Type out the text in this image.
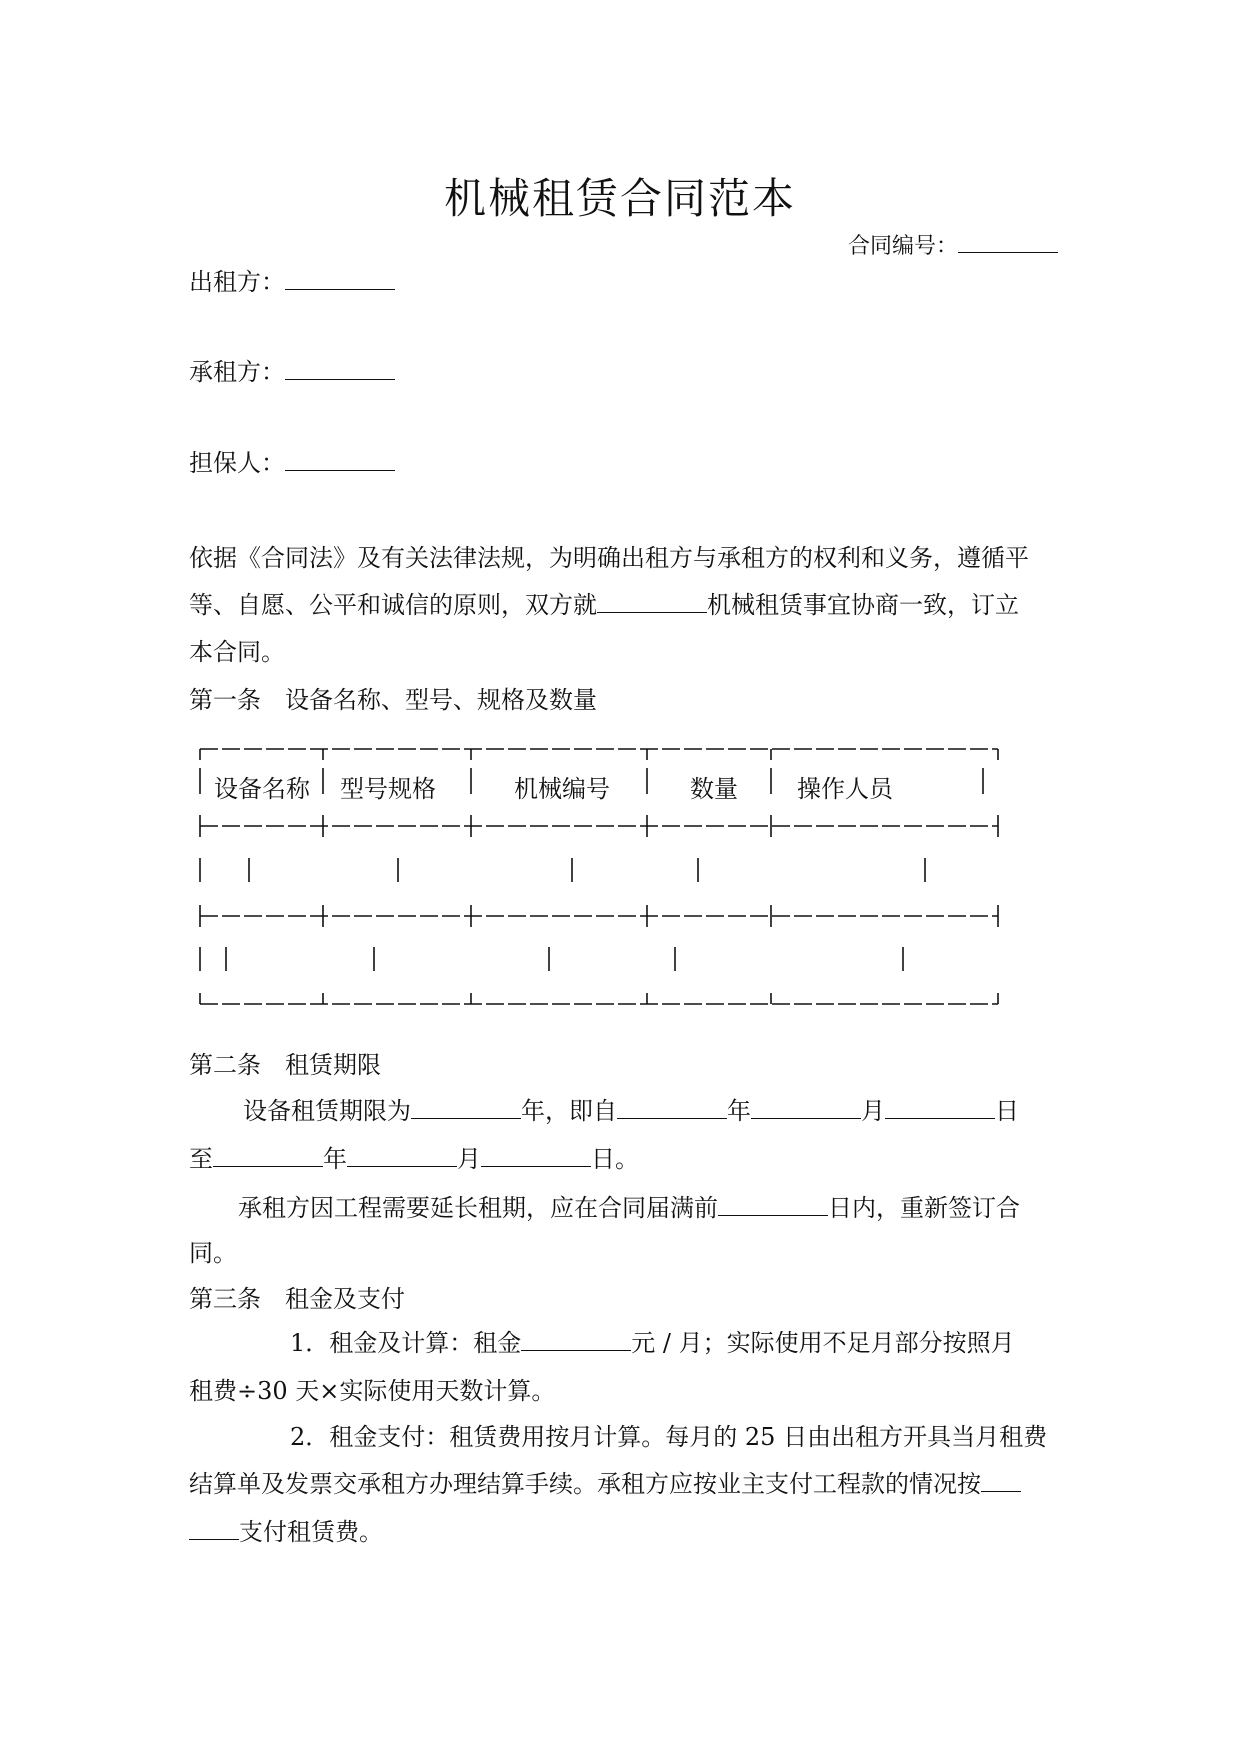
机械租赁合同范本
合同编号：
出租方：
承租方：
担保人：
依据《合同法》及有关法律法规，为明确出租方与承租方的权利和义务，遵循平
等、自愿、公平和诚信的原则，双方就	机械租赁事宜协商一致，订立
本合同。
第一条　设备名称、型号、规格及数量
设备名称 型号规格	机械编号	数量 操作人员
第二条　租赁期限
设备租赁期限为	年，即自	年	月	日
至	年	月	日。
承租方因工程需要延长租期，应在合同届满前	日内，重新签订合
同。
第三条　租金及支付
1．租金及计算：租金	元 / 月；实际使用不足月部分按照月
租费÷30 天×实际使用天数计算。
2．租金支付：租赁费用按月计算。每月的 25 日由出租方开具当月租费
结算单及发票交承租方办理结算手续。承租方应按业主支付工程款的情况按
支付租赁费。
